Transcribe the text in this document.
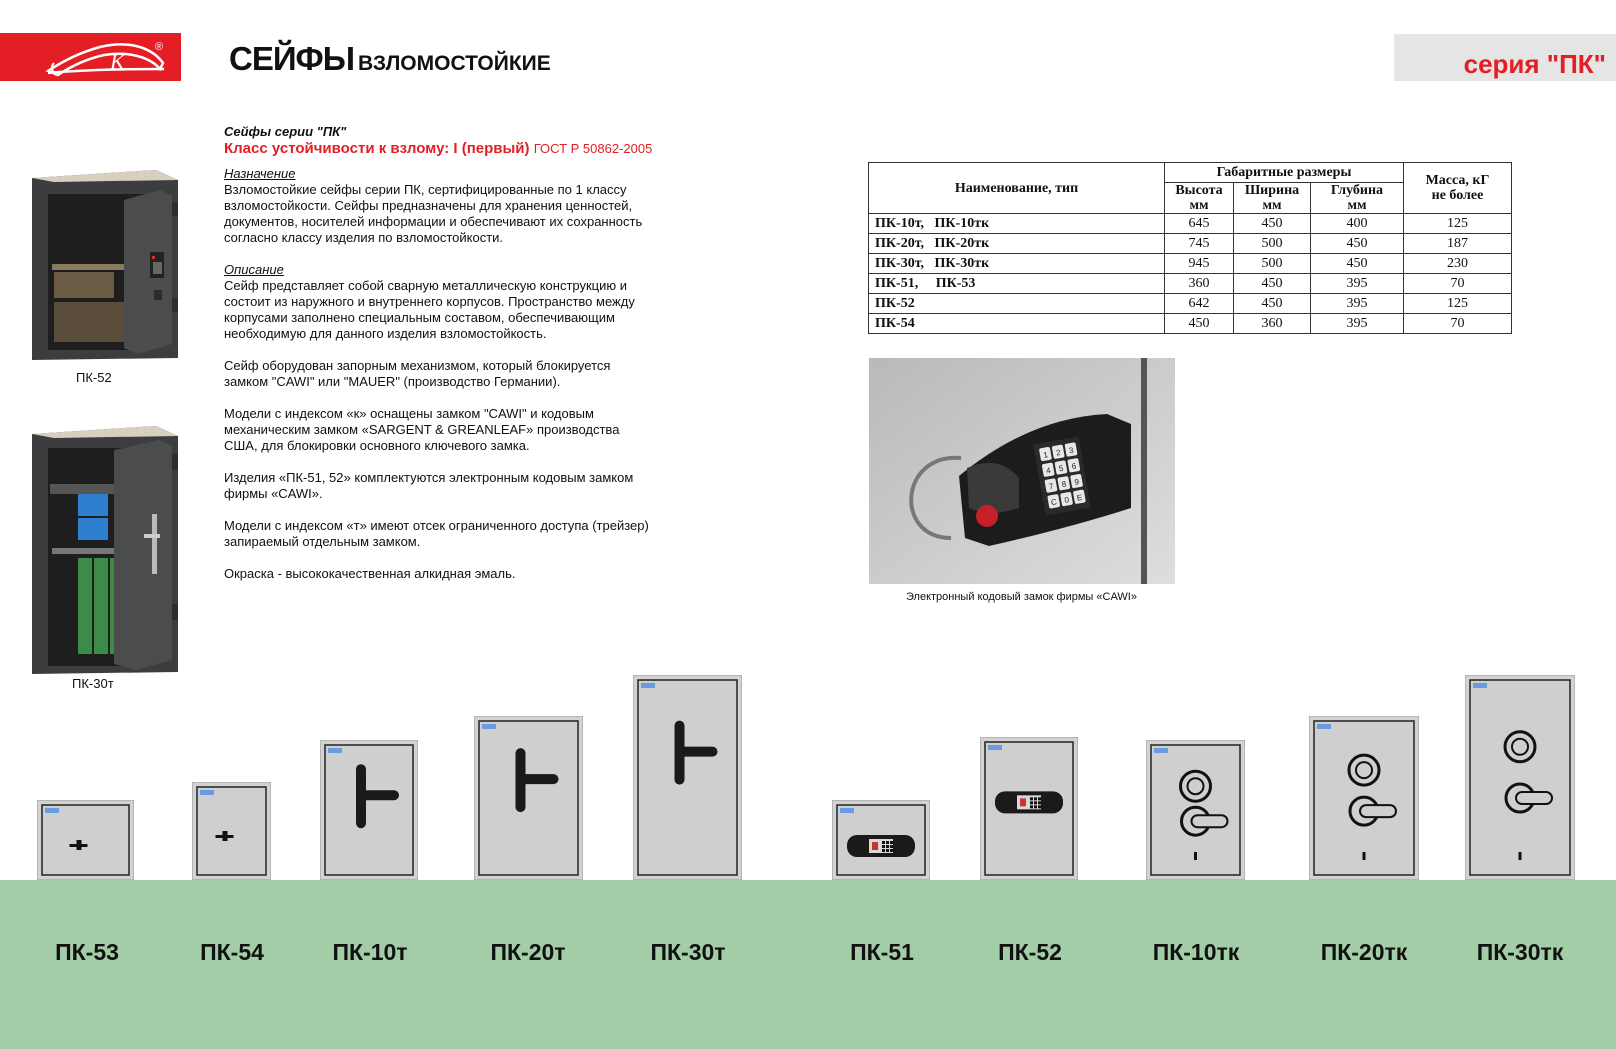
K
® СЕЙФЫ ВЗЛОМОСТОЙКИЕ	серия "ПК"
ПК-52
ПК-30т
Сейфы серии "ПК"
Класс устойчивости к взлому: I (первый) ГОСТ Р 50862-2005
Назначение

Взломостойкие сейфы серии ПК, сертифицированные по 1 классу
взломостойкости. Сейфы предназначены для хранения ценностей,
документов, носителей информации и обеспечивают их сохранность
согласно классу изделия по взломостойкости.

Описание

Сейф представляет собой сварную металлическую конструкцию и
состоит из наружного и внутреннего корпусов. Пространство между
корпусами заполнено специальным составом, обеспечивающим
необходимую для данного изделия взломостойкость.

Сейф оборудован запорным механизмом, который блокируется
замком "CAWI" или "MAUER" (производство Германии).

Модели с индексом «к» оснащены замком "CAWI" и кодовым
механическим замком «SARGENT & GREANLEAF» производства
США, для блокировки основного ключевого замка.

Изделия «ПК-51, 52» комплектуются электронным кодовым замком
фирмы «CAWI».

Модели с индексом «т» имеют отсек ограниченного доступа (трейзер)
запираемый отдельным замком.

Окраска - высококачественная алкидная эмаль.

Наименование, тип	Габаритные размеры			Масса, кГ
не более
	Высота
мм	Ширина
мм	Глубина
мм	
ПК-10т,   ПК-10тк	645	450	400	125
ПК-20т,   ПК-20тк	745	500	450	187
ПК-30т,   ПК-30тк	945	500	450	230
ПК-51,     ПК-53	360	450	395	70
ПК-52	642	450	395	125
ПК-54	450	360	395	70
1 2 3
4 5 6
7 8 9
C 0 E
Электронный кодовый замок фирмы «CAWI»
ПК-53	ПК-54	ПК-10т	ПК-20т	ПК-30т	ПК-51	ПК-52	ПК-10тк	ПК-20тк	ПК-30тк
